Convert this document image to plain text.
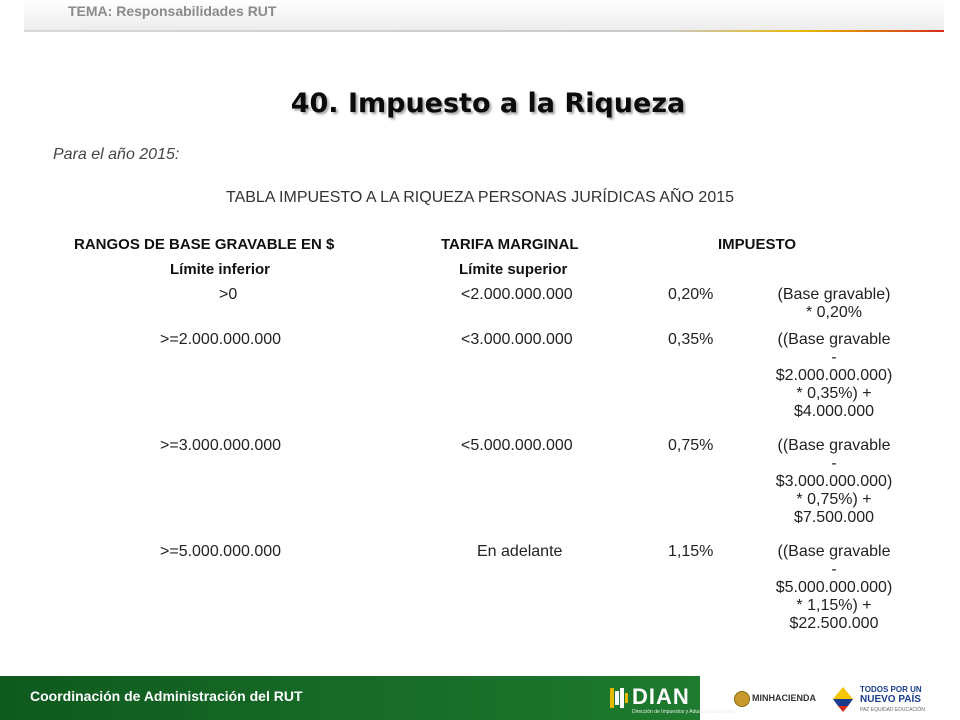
TEMA: Responsabilidades RUT
40. Impuesto a la Riqueza
Para el año 2015:
TABLA IMPUESTO A LA RIQUEZA PERSONAS JURÍDICAS AÑO 2015
RANGOS DE BASE GRAVABLE EN $	TARIFA MARGINAL	IMPUESTO
Límite inferior	Límite superior
>0	<2.000.000.000	0,20%	(Base gravable)
* 0,20%
>=2.000.000.000	<3.000.000.000	0,35%	((Base gravable
-
$2.000.000.000)
* 0,35%) +
$4.000.000
>=3.000.000.000	<5.000.000.000	0,75%	((Base gravable
-
$3.000.000.000)
* 0,75%) +
$7.500.000
>=5.000.000.000	En adelante	1,15%	((Base gravable
-
$5.000.000.000)
* 1,15%) +
$22.500.000
Coordinación de Administración del RUT	DIAN
Dirección de Impuestos y Aduanas Nacionales
MINHACIENDA
TODOS POR UN
NUEVO PAÍS
PAZ EQUIDAD EDUCACIÓN
